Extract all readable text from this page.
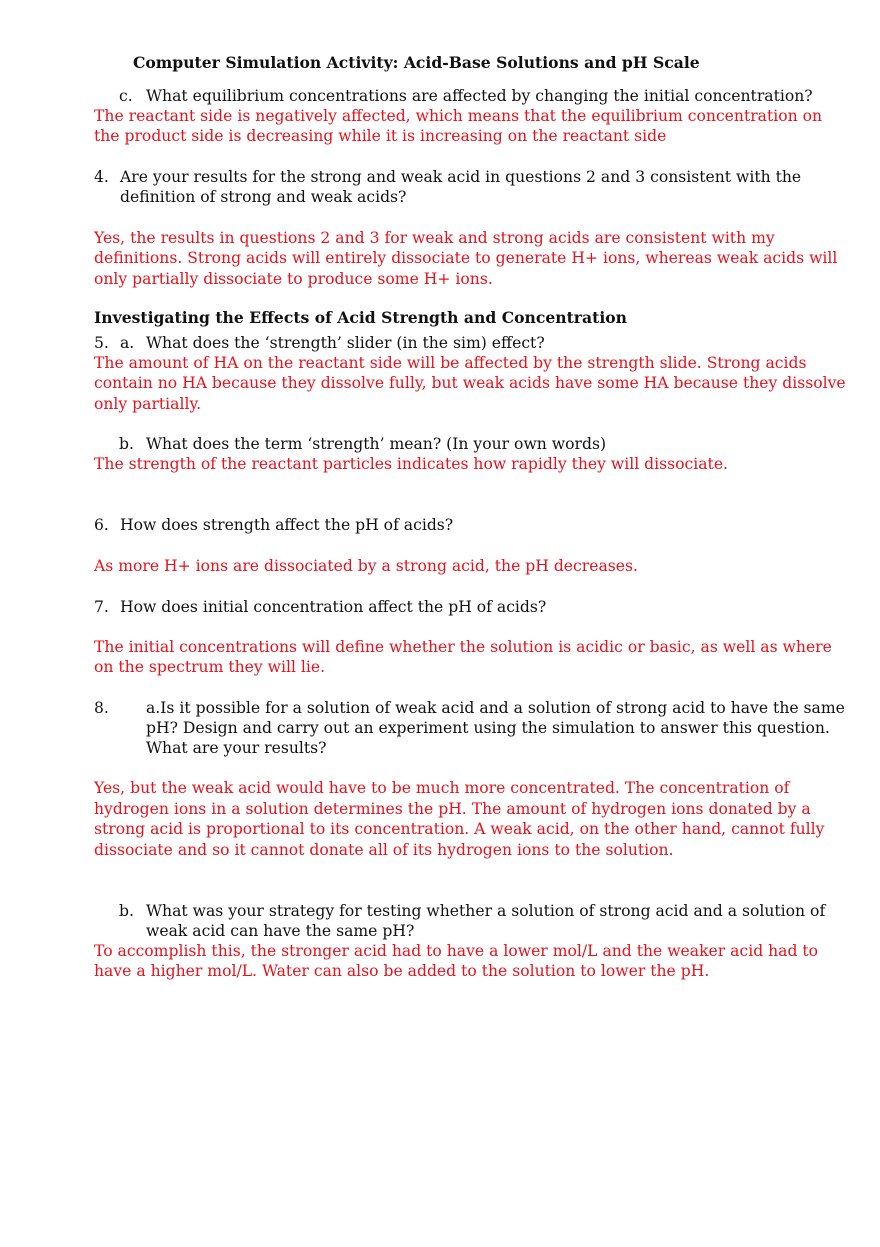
Computer Simulation Activity: Acid-Base Solutions and pH Scale
c. What equilibrium concentrations are affected by changing the initial concentration?
The reactant side is negatively affected, which means that the equilibrium concentration on
the product side is decreasing while it is increasing on the reactant side
4. Are your results for the strong and weak acid in questions 2 and 3 consistent with the
definition of strong and weak acids?
Yes, the results in questions 2 and 3 for weak and strong acids are consistent with my
definitions. Strong acids will entirely dissociate to generate H+ ions, whereas weak acids will
only partially dissociate to produce some H+ ions.
Investigating the Effects of Acid Strength and Concentration
5. a. What does the ‘strength’ slider (in the sim) effect?
The amount of HA on the reactant side will be affected by the strength slide. Strong acids
contain no HA because they dissolve fully, but weak acids have some HA because they dissolve
only partially.
b. What does the term ‘strength’ mean? (In your own words)
The strength of the reactant particles indicates how rapidly they will dissociate.
6. How does strength affect the pH of acids?
As more H+ ions are dissociated by a strong acid, the pH decreases.
7. How does initial concentration affect the pH of acids?
The initial concentrations will define whether the solution is acidic or basic, as well as where
on the spectrum they will lie.
8. a.Is it possible for a solution of weak acid and a solution of strong acid to have the same
pH? Design and carry out an experiment using the simulation to answer this question.
What are your results?
Yes, but the weak acid would have to be much more concentrated. The concentration of
hydrogen ions in a solution determines the pH. The amount of hydrogen ions donated by a
strong acid is proportional to its concentration. A weak acid, on the other hand, cannot fully
dissociate and so it cannot donate all of its hydrogen ions to the solution.
b. What was your strategy for testing whether a solution of strong acid and a solution of
weak acid can have the same pH?
To accomplish this, the stronger acid had to have a lower mol/L and the weaker acid had to
have a higher mol/L. Water can also be added to the solution to lower the pH.
